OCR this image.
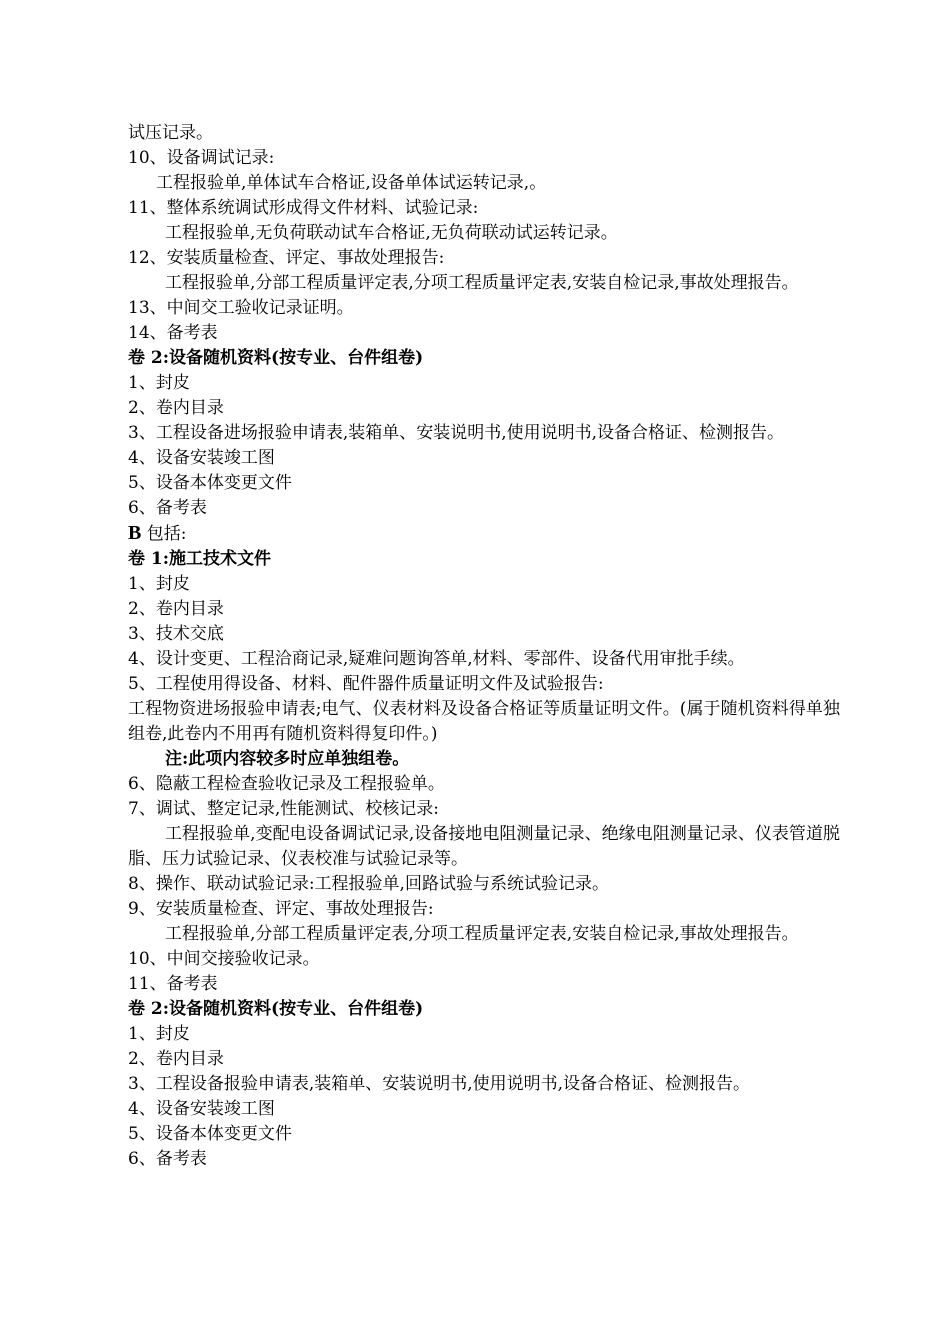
试压记录。

10、设备调试记录:

工程报验单,单体试车合格证,设备单体试运转记录,。

11、整体系统调试形成得文件材料、试验记录:

工程报验单,无负荷联动试车合格证,无负荷联动试运转记录。

12、安装质量检查、评定、事故处理报告:

工程报验单,分部工程质量评定表,分项工程质量评定表,安装自检记录,事故处理报告。

13、中间交工验收记录证明。

14、备考表

卷 2:设备随机资料(按专业、台件组卷)

1、封皮

2、卷内目录

3、工程设备进场报验申请表,装箱单、安装说明书,使用说明书,设备合格证、检测报告。

4、设备安装竣工图

5、设备本体变更文件

6、备考表

B 包括:

卷 1:施工技术文件

1、封皮

2、卷内目录

3、技术交底

4、设计变更、工程洽商记录,疑难问题询答单,材料、零部件、设备代用审批手续。

5、工程使用得设备、材料、配件器件质量证明文件及试验报告:

工程物资进场报验申请表;电气、仪表材料及设备合格证等质量证明文件。(属于随机资料得单独组卷,此卷内不用再有随机资料得复印件。)

注:此项内容较多时应单独组卷。

6、隐蔽工程检查验收记录及工程报验单。

7、调试、整定记录,性能测试、校核记录:

工程报验单,变配电设备调试记录,设备接地电阻测量记录、绝缘电阻测量记录、仪表管道脱脂、压力试验记录、仪表校准与试验记录等。

8、操作、联动试验记录:工程报验单,回路试验与系统试验记录。

9、安装质量检查、评定、事故处理报告:

工程报验单,分部工程质量评定表,分项工程质量评定表,安装自检记录,事故处理报告。

10、中间交接验收记录。

11、备考表

卷 2:设备随机资料(按专业、台件组卷)

1、封皮

2、卷内目录

3、工程设备报验申请表,装箱单、安装说明书,使用说明书,设备合格证、检测报告。

4、设备安装竣工图

5、设备本体变更文件

6、备考表
